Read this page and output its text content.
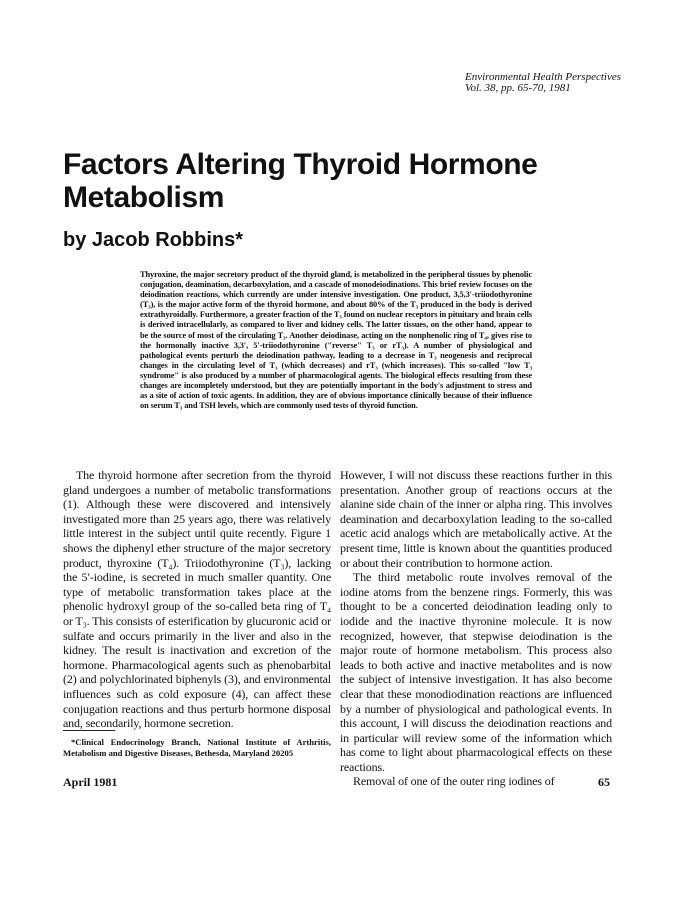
Environmental Health Perspectives
Vol. 38, pp. 65-70, 1981
Factors Altering Thyroid Hormone Metabolism
by Jacob Robbins*

Thyroxine, the major secretory product of the thyroid gland, is metabolized in the peripheral tissues by phenolic conjugation, deamination, decarboxylation, and a cascade of monodeiodinations. This brief review focuses on the deiodination reactions, which currently are under intensive investigation. One product, 3,5,3′-triiodothyronine (T₃), is the major active form of the thyroid hormone, and about 80% of the T₃ produced in the body is derived extrathyroidally. Furthermore, a greater fraction of the T₃ found on nuclear receptors in pituitary and brain cells is derived intracellularly, as compared to liver and kidney cells. The latter tissues, on the other hand, appear to be the source of most of the circulating T₃. Another deiodinase, acting on the nonphenolic ring of T₄, gives rise to the hormonally inactive 3,3′, 5′-triiodothyronine ("reverse" T₃ or rT₃). A number of physiological and pathological events perturb the deiodination pathway, leading to a decrease in T₃ neogenesis and reciprocal changes in the circulating level of T₃ (which decreases) and rT₃ (which increases). This so-called "low T₃ syndrome" is also produced by a number of pharmacological agents. The biological effects resulting from these changes are incompletely understood, but they are potentially important in the body's adjustment to stress and as a site of action of toxic agents. In addition, they are of obvious importance clinically because of their influence on serum T₃ and TSH levels, which are commonly used tests of thyroid function.

The thyroid hormone after secretion from the thyroid gland undergoes a number of metabolic transformations (1). Although these were discovered and intensively investigated more than 25 years ago, there was relatively little interest in the subject until quite recently. Figure 1 shows the diphenyl ether structure of the major secretory product, thyroxine (T₄). Triiodothyronine (T₃), lacking the 5′-iodine, is secreted in much smaller quantity. One type of metabolic transformation takes place at the phenolic hydroxyl group of the so-called beta ring of T₄ or T₃. This consists of esterification by glucuronic acid or sulfate and occurs primarily in the liver and also in the kidney. The result is inactivation and excretion of the hormone. Pharmacological agents such as phenobarbital (2) and polychlorinated biphenyls (3), and environmental influences such as cold exposure (4), can affect these conjugation reactions and thus perturb hormone disposal and, secondarily, hormone secretion.

However, I will not discuss these reactions further in this presentation. Another group of reactions occurs at the alanine side chain of the inner or alpha ring. This involves deamination and decarboxylation leading to the so-called acetic acid analogs which are metabolically active. At the present time, little is known about the quantities produced or about their contribution to hormone action.

The third metabolic route involves removal of the iodine atoms from the benzene rings. Formerly, this was thought to be a concerted deiodination leading only to iodide and the inactive thyronine molecule. It is now recognized, however, that stepwise deiodination is the major route of hormone metabolism. This process also leads to both active and inactive metabolites and is now the subject of intensive investigation. It has also become clear that these monodiodination reactions are influenced by a number of physiological and pathological events. In this account, I will discuss the deiodination reactions and in particular will review some of the information which has come to light about pharmacological effects on these reactions.

Removal of one of the outer ring iodines of

*Clinical Endocrinology Branch, National Institute of Arthritis, Metabolism and Digestive Diseases, Bethesda, Maryland 20205

April 1981	65
